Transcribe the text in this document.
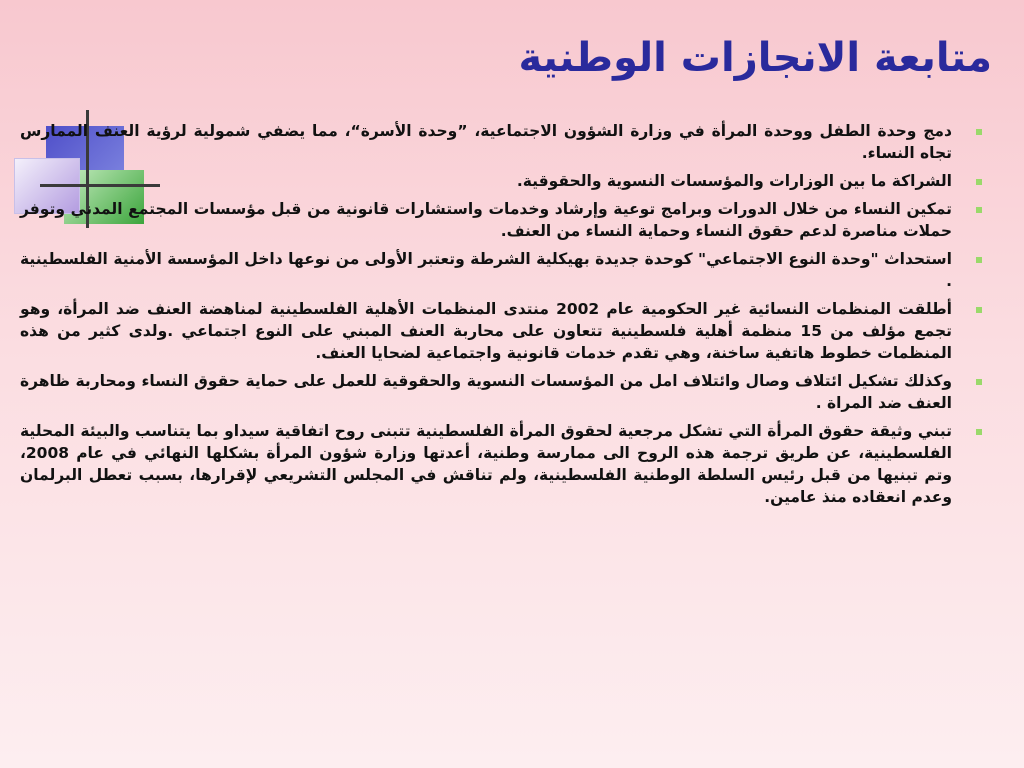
متابعة الانجازات الوطنية
دمج وحدة الطفل ووحدة المرأة في وزارة الشؤون الاجتماعية، ”وحدة الأسرة“، مما يضفي شمولية لرؤية العنف الممارس تجاه النساء.
الشراكة ما بين الوزارات والمؤسسات النسوية والحقوقية.
تمكين النساء من خلال الدورات وبرامج توعية وإرشاد وخدمات واستشارات قانونية من قبل مؤسسات المجتمع المدني وتوفر حملات مناصرة لدعم حقوق النساء وحماية النساء من العنف.
استحداث "وحدة النوع الاجتماعي" كوحدة جديدة بهيكلية الشرطة وتعتبر الأولى من نوعها داخل المؤسسة الأمنية الفلسطينية .
أطلقت المنظمات النسائية غير الحكومية عام 2002 منتدى المنظمات الأهلية الفلسطينية لمناهضة العنف ضد المرأة، وهو تجمع مؤلف من 15 منظمة أهلية فلسطينية تتعاون على محاربة العنف المبني على النوع اجتماعي .ولدى كثير من هذه المنظمات خطوط هاتفية ساخنة، وهي تقدم خدمات قانونية واجتماعية لضحايا العنف.
وكذلك تشكيل ائتلاف وصال وائتلاف امل من المؤسسات النسوية والحقوقية للعمل على حماية حقوق النساء ومحاربة ظاهرة العنف ضد المراة .
تبني وثيقة حقوق المرأة التي تشكل مرجعية لحقوق المرأة الفلسطينية تتبنى روح اتفاقية سيداو بما يتناسب والبيئة المحلية الفلسطينية، عن طريق ترجمة هذه الروح الى ممارسة وطنية، أعدتها وزارة شؤون المرأة بشكلها النهائي في عام 2008، وتم تبنيها من قبل رئيس السلطة الوطنية الفلسطينية، ولم تناقش في المجلس التشريعي لإقرارها، بسبب تعطل البرلمان وعدم انعقاده منذ عامين.
